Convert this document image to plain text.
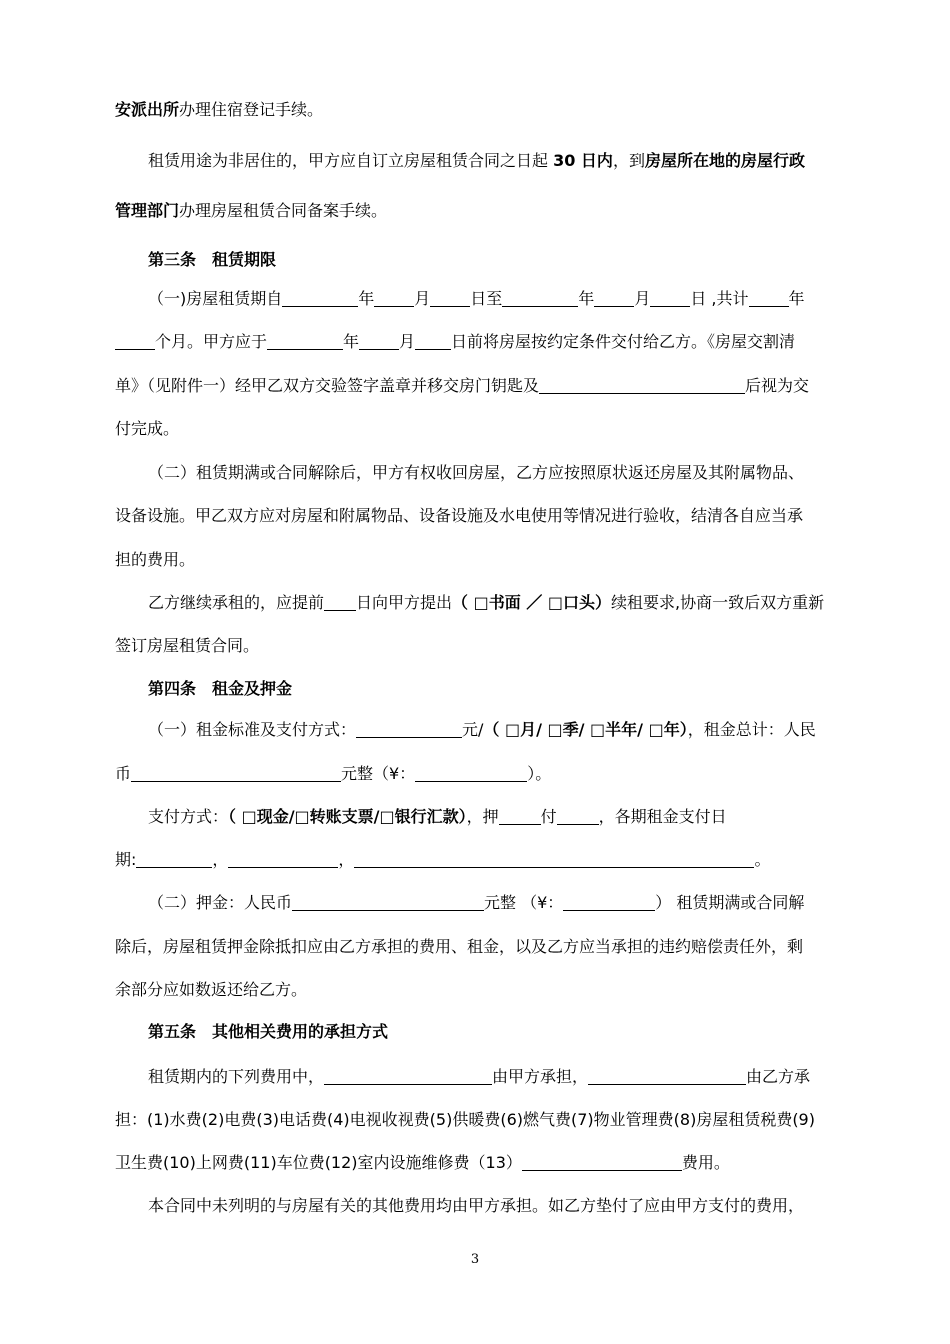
安派出所办理住宿登记手续。
租赁用途为非居住的，甲方应自订立房屋租赁合同之日起 30 日内，到房屋所在地的房屋行政
管理部门办理房屋租赁合同备案手续。
第三条　租赁期限
（一)房屋租赁期自	年	月	日至	年	月	日 ,共计	年
个月。甲方应于	年	月 日前将房屋按约定条件交付给乙方。《房屋交割清
单》（见附件一）经甲乙双方交验签字盖章并移交房门钥匙及	后视为交
付完成。
（二）租赁期满或合同解除后，甲方有权收回房屋，乙方应按照原状返还房屋及其附属物品、
设备设施。甲乙双方应对房屋和附属物品、设备设施及水电使用等情况进行验收，结清各自应当承
担的费用。
乙方继续承租的，应提前 日向甲方提出（ □书面 ／ □口头）续租要求,协商一致后双方重新
签订房屋租赁合同。
第四条　租金及押金
（一）租金标准及支付方式：	元/（ □月/ □季/ □半年/ □年），租金总计：人民
币	元整（¥：	）。
支付方式：（ □现金/□转账支票/□银行汇款），押	付	，各期租金支付日
期:	，	，	。
（二）押金：人民币	元整 （¥：	） 租赁期满或合同解
除后，房屋租赁押金除抵扣应由乙方承担的费用、租金，以及乙方应当承担的违约赔偿责任外，剩
余部分应如数返还给乙方。
第五条　其他相关费用的承担方式
租赁期内的下列费用中，	由甲方承担，	由乙方承
担：(1)水费(2)电费(3)电话费(4)电视收视费(5)供暖费(6)燃气费(7)物业管理费(8)房屋租赁税费(9)
卫生费(10)上网费(11)车位费(12)室内设施维修费（13）	费用。
本合同中未列明的与房屋有关的其他费用均由甲方承担。如乙方垫付了应由甲方支付的费用，
3
